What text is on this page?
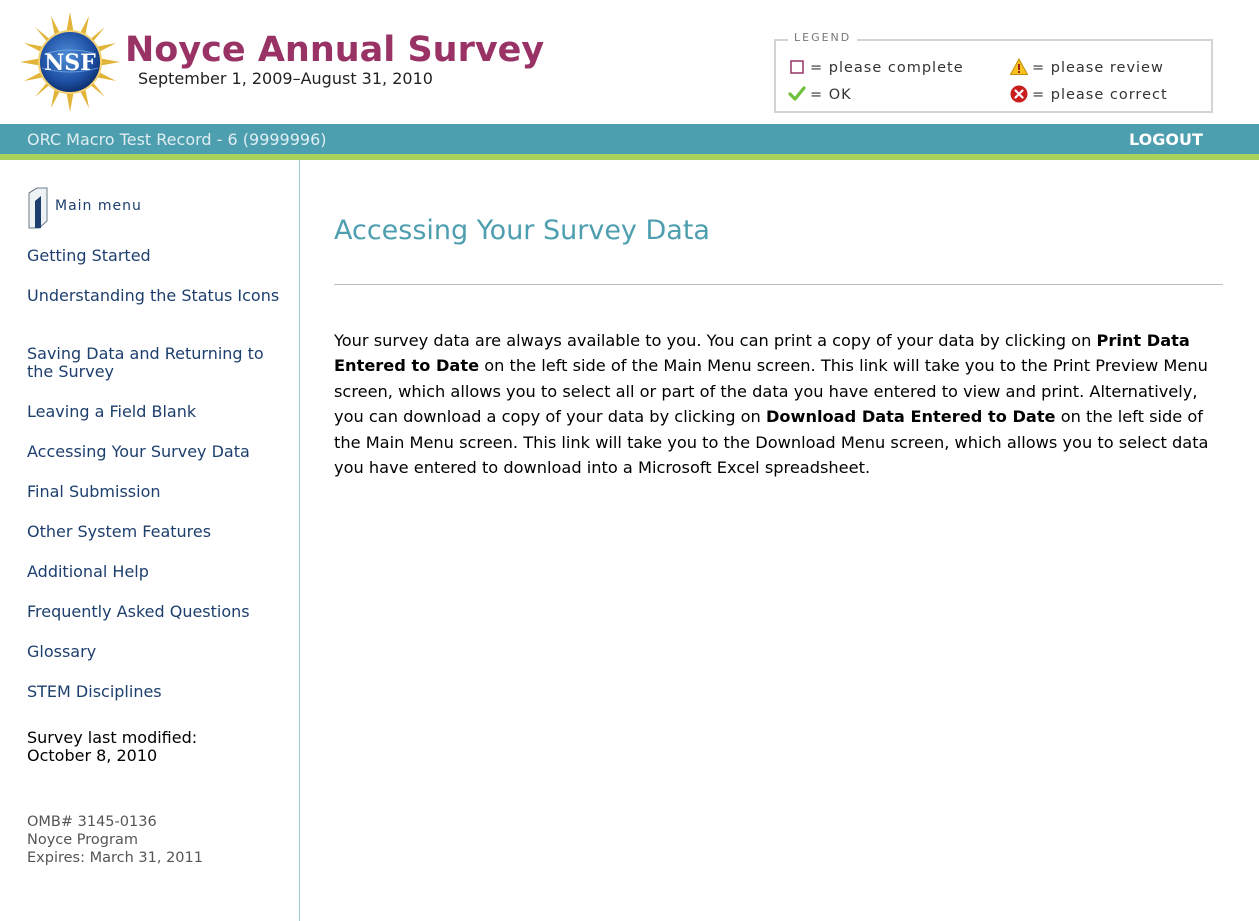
NSF Noyce Annual Survey
September 1, 2009–August 31, 2010
LEGEND
= please complete	= please review
= OK	= please correct
ORC Macro Test Record - 6 (9999996)	LOGOUT
Main menu
Getting Started
Understanding the Status Icons
Saving Data and Returning to the Survey
Leaving a Field Blank
Accessing Your Survey Data
Final Submission
Other System Features
Additional Help
Frequently Asked Questions
Glossary
STEM Disciplines
Survey last modified:
October 8, 2010
OMB# 3145-0136
Noyce Program
Expires: March 31, 2011
Accessing Your Survey Data

Your survey data are always available to you. You can print a copy of your data by clicking on Print Data Entered to Date on the left side of the Main Menu screen. This link will take you to the Print Preview Menu screen, which allows you to select all or part of the data you have entered to view and print. Alternatively, you can download a copy of your data by clicking on Download Data Entered to Date on the left side of the Main Menu screen. This link will take you to the Download Menu screen, which allows you to select data you have entered to download into a Microsoft Excel spreadsheet.
